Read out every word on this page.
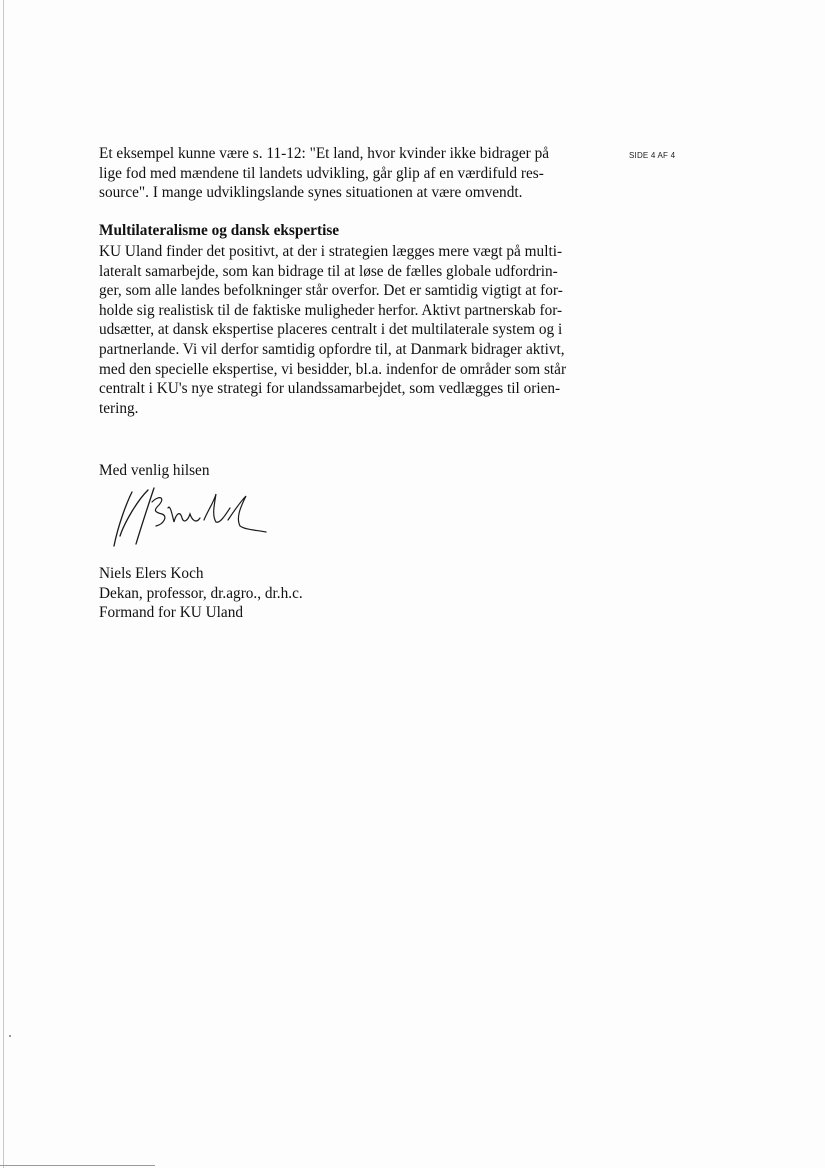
SIDE 4 AF 4
Et eksempel kunne være s. 11-12: "Et land, hvor kvinder ikke bidrager på
lige fod med mændene til landets udvikling, går glip af en værdifuld res-
source". I mange udviklingslande synes situationen at være omvendt.
Multilateralisme og dansk ekspertise
KU Uland finder det positivt, at der i strategien lægges mere vægt på multi-
lateralt samarbejde, som kan bidrage til at løse de fælles globale udfordrin-
ger, som alle landes befolkninger står overfor. Det er samtidig vigtigt at for-
holde sig realistisk til de faktiske muligheder herfor. Aktivt partnerskab for-
udsætter, at dansk ekspertise placeres centralt i det multilaterale system og i
partnerlande. Vi vil derfor samtidig opfordre til, at Danmark bidrager aktivt,
med den specielle ekspertise, vi besidder, bl.a. indenfor de områder som står
centralt i KU's nye strategi for ulandssamarbejdet, som vedlægges til orien-
tering.
Med venlig hilsen
Niels Elers Koch
Dekan, professor, dr.agro., dr.h.c.
Formand for KU Uland
